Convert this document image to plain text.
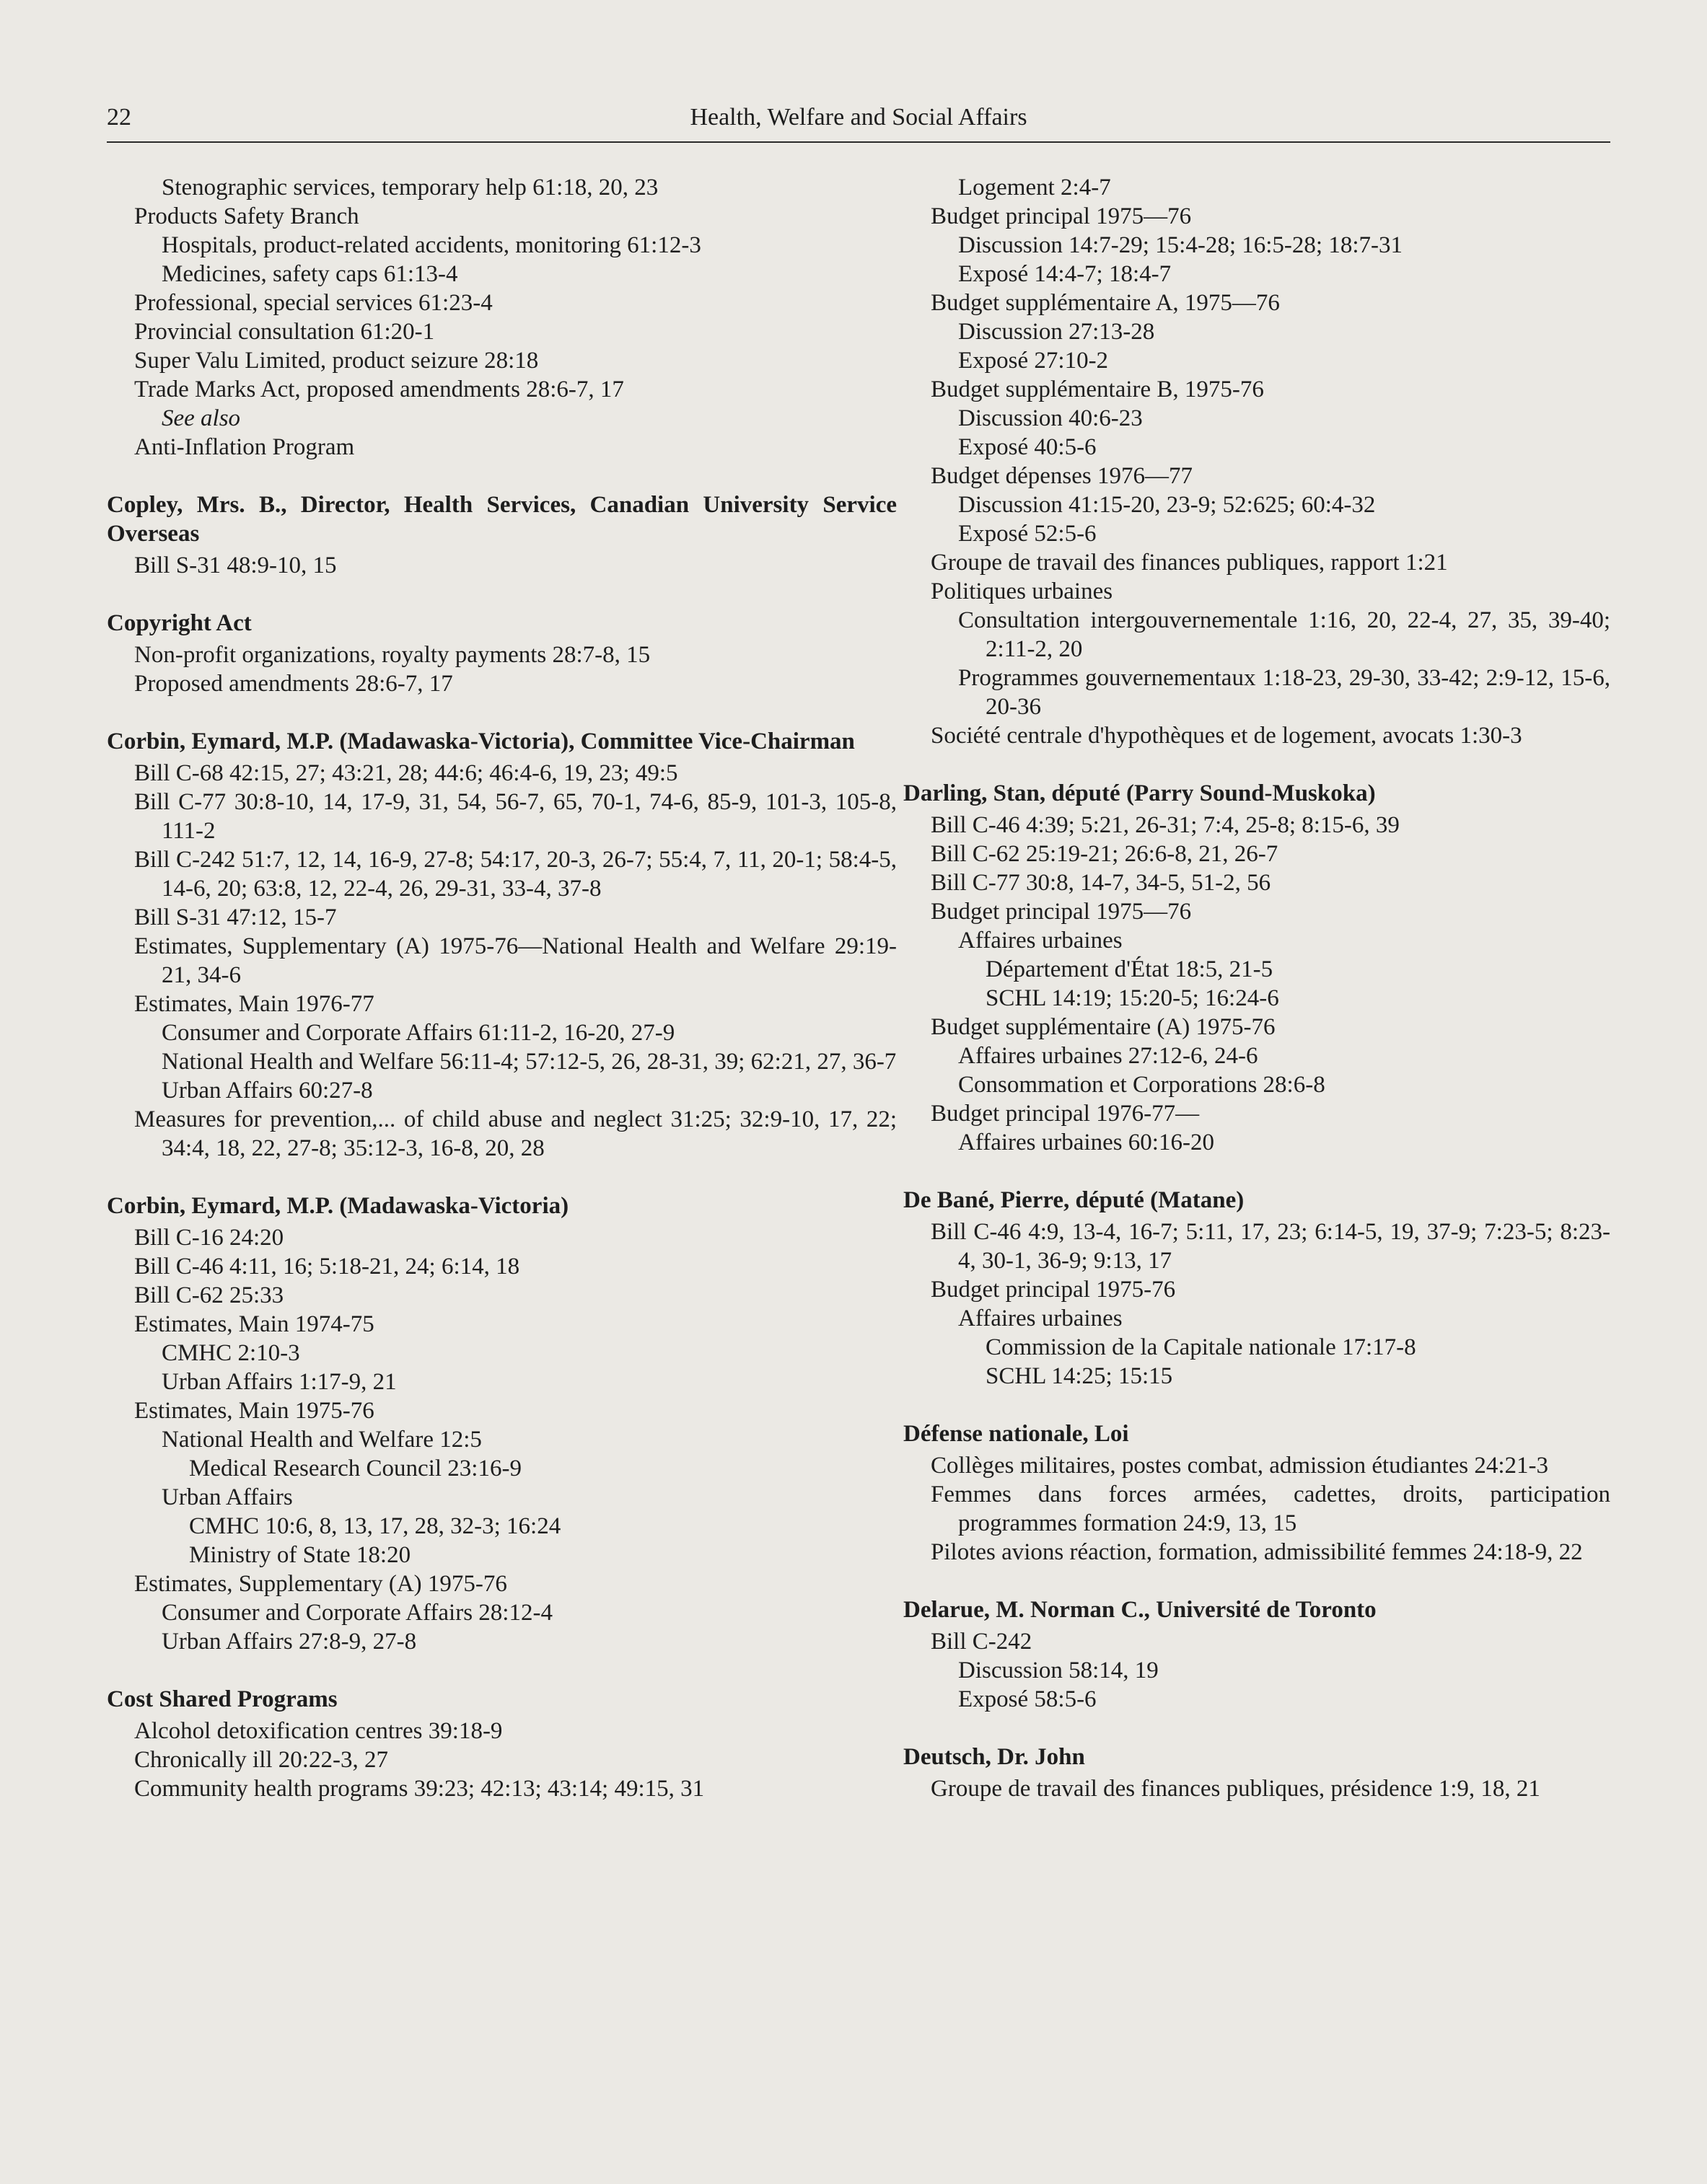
22	Health, Welfare and Social Affairs
Stenographic services, temporary help 61:18, 20, 23
Products Safety Branch
Hospitals, product-related accidents, monitoring 61:12-3
Medicines, safety caps 61:13-4
Professional, special services 61:23-4
Provincial consultation 61:20-1
Super Valu Limited, product seizure 28:18
Trade Marks Act, proposed amendments 28:6-7, 17
See also
Anti-Inflation Program
Copley, Mrs. B., Director, Health Services, Canadian University Service Overseas
Bill S-31 48:9-10, 15
Copyright Act
Non-profit organizations, royalty payments 28:7-8, 15
Proposed amendments 28:6-7, 17
Corbin, Eymard, M.P. (Madawaska-Victoria), Committee Vice-Chairman
Bill C-68 42:15, 27; 43:21, 28; 44:6; 46:4-6, 19, 23; 49:5
Bill C-77 30:8-10, 14, 17-9, 31, 54, 56-7, 65, 70-1, 74-6, 85-9, 101-3, 105-8, 111-2
Bill C-242 51:7, 12, 14, 16-9, 27-8; 54:17, 20-3, 26-7; 55:4, 7, 11, 20-1; 58:4-5, 14-6, 20; 63:8, 12, 22-4, 26, 29-31, 33-4, 37-8
Bill S-31 47:12, 15-7
Estimates, Supplementary (A) 1975-76—National Health and Welfare 29:19-21, 34-6
Estimates, Main 1976-77
Consumer and Corporate Affairs 61:11-2, 16-20, 27-9
National Health and Welfare 56:11-4; 57:12-5, 26, 28-31, 39; 62:21, 27, 36-7
Urban Affairs 60:27-8
Measures for prevention,... of child abuse and neglect 31:25; 32:9-10, 17, 22; 34:4, 18, 22, 27-8; 35:12-3, 16-8, 20, 28
Corbin, Eymard, M.P. (Madawaska-Victoria)
Bill C-16 24:20
Bill C-46 4:11, 16; 5:18-21, 24; 6:14, 18
Bill C-62 25:33
Estimates, Main 1974-75
CMHC 2:10-3
Urban Affairs 1:17-9, 21
Estimates, Main 1975-76
National Health and Welfare 12:5
Medical Research Council 23:16-9
Urban Affairs
CMHC 10:6, 8, 13, 17, 28, 32-3; 16:24
Ministry of State 18:20
Estimates, Supplementary (A) 1975-76
Consumer and Corporate Affairs 28:12-4
Urban Affairs 27:8-9, 27-8
Cost Shared Programs
Alcohol detoxification centres 39:18-9
Chronically ill 20:22-3, 27
Community health programs 39:23; 42:13; 43:14; 49:15, 31
Logement 2:4-7
Budget principal 1975—76
Discussion 14:7-29; 15:4-28; 16:5-28; 18:7-31
Exposé 14:4-7; 18:4-7
Budget supplémentaire A, 1975—76
Discussion 27:13-28
Exposé 27:10-2
Budget supplémentaire B, 1975-76
Discussion 40:6-23
Exposé 40:5-6
Budget dépenses 1976—77
Discussion 41:15-20, 23-9; 52:625; 60:4-32
Exposé 52:5-6
Groupe de travail des finances publiques, rapport 1:21
Politiques urbaines
Consultation intergouvernementale 1:16, 20, 22-4, 27, 35, 39-40; 2:11-2, 20
Programmes gouvernementaux 1:18-23, 29-30, 33-42; 2:9-12, 15-6, 20-36
Société centrale d'hypothèques et de logement, avocats 1:30-3
Darling, Stan, député (Parry Sound-Muskoka)
Bill C-46 4:39; 5:21, 26-31; 7:4, 25-8; 8:15-6, 39
Bill C-62 25:19-21; 26:6-8, 21, 26-7
Bill C-77 30:8, 14-7, 34-5, 51-2, 56
Budget principal 1975—76
Affaires urbaines
Département d'État 18:5, 21-5
SCHL 14:19; 15:20-5; 16:24-6
Budget supplémentaire (A) 1975-76
Affaires urbaines 27:12-6, 24-6
Consommation et Corporations 28:6-8
Budget principal 1976-77—
Affaires urbaines 60:16-20
De Bané, Pierre, député (Matane)
Bill C-46 4:9, 13-4, 16-7; 5:11, 17, 23; 6:14-5, 19, 37-9; 7:23-5; 8:23-4, 30-1, 36-9; 9:13, 17
Budget principal 1975-76
Affaires urbaines
Commission de la Capitale nationale 17:17-8
SCHL 14:25; 15:15
Défense nationale, Loi
Collèges militaires, postes combat, admission étudiantes 24:21-3
Femmes dans forces armées, cadettes, droits, participation programmes formation 24:9, 13, 15
Pilotes avions réaction, formation, admissibilité femmes 24:18-9, 22
Delarue, M. Norman C., Université de Toronto
Bill C-242
Discussion 58:14, 19
Exposé 58:5-6
Deutsch, Dr. John
Groupe de travail des finances publiques, présidence 1:9, 18, 21
